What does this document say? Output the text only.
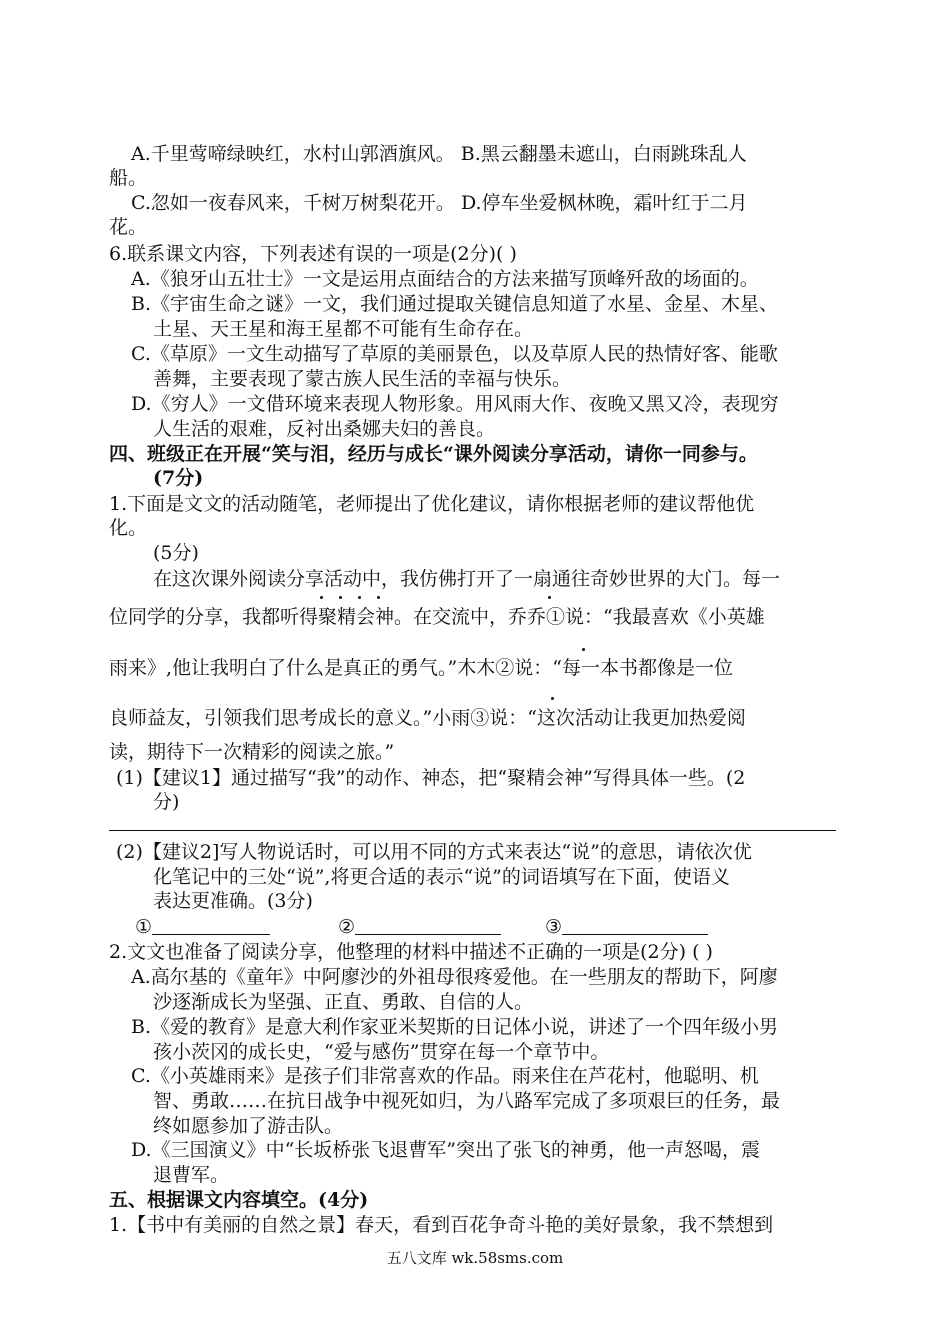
A.千里莺啼绿映红，水村山郭酒旗风。 B.黑云翻墨未遮山，白雨跳珠乱人
船。
C.忽如一夜春风来，千树万树梨花开。 D.停车坐爱枫林晚，霜叶红于二月
花。
6.联系课文内容，下列表述有误的一项是(2分)( )
A.《狼牙山五壮士》一文是运用点面结合的方法来描写顶峰歼敌的场面的。
B.《宇宙生命之谜》一文，我们通过提取关键信息知道了水星、金星、木星、
土星、天王星和海王星都不可能有生命存在。
C.《草原》一文生动描写了草原的美丽景色，以及草原人民的热情好客、能歌
善舞，主要表现了蒙古族人民生活的幸福与快乐。
D.《穷人》一文借环境来表现人物形象。用风雨大作、夜晚又黑又冷，表现穷
人生活的艰难，反衬出桑娜夫妇的善良。
四、班级正在开展“笑与泪，经历与成长“课外阅读分享活动，请你一同参与。
(7分)
1.下面是文文的活动随笔，老师提出了优化建议，请你根据老师的建议帮他优
化。
(5分)
在这次课外阅读分享活动中，我仿佛打开了一扇通往奇妙世界的大门。每一
位同学的分享，我都听得聚精会神。在交流中，乔乔①说：“我最喜欢《小英雄
雨来》,他让我明白了什么是真正的勇气。”木木②说：“每一本书都像是一位
良师益友，引领我们思考成长的意义。”小雨③说：“这次活动让我更加热爱阅
读，期待下一次精彩的阅读之旅。”
(1)【建议1】通过描写“我”的动作、神态，把“聚精会神”写得具体一些。(2
分)
(2)【建议2]写人物说话时，可以用不同的方式来表达“说”的意思，请依次优
化笔记中的三处“说”,将更合适的表示“说”的词语填写在下面，使语义
表达更准确。(3分)
①	②	③
2.文文也准备了阅读分享，他整理的材料中描述不正确的一项是(2分) ( )
A.高尔基的《童年》中阿廖沙的外祖母很疼爱他。在一些朋友的帮助下，阿廖
沙逐渐成长为坚强、正直、勇敢、自信的人。
B.《爱的教育》是意大利作家亚米契斯的日记体小说，讲述了一个四年级小男
孩小茨冈的成长史，“爱与感伤”贯穿在每一个章节中。
C.《小英雄雨来》是孩子们非常喜欢的作品。雨来住在芦花村，他聪明、机
智、勇敢……在抗日战争中视死如归，为八路军完成了多项艰巨的任务，最
终如愿参加了游击队。
D.《三国演义》中“长坂桥张飞退曹军”突出了张飞的神勇，他一声怒喝，震
退曹军。
五、根据课文内容填空。(4分)
1.【书中有美丽的自然之景】春天，看到百花争奇斗艳的美好景象，我不禁想到
五八文库 wk.58sms.com
